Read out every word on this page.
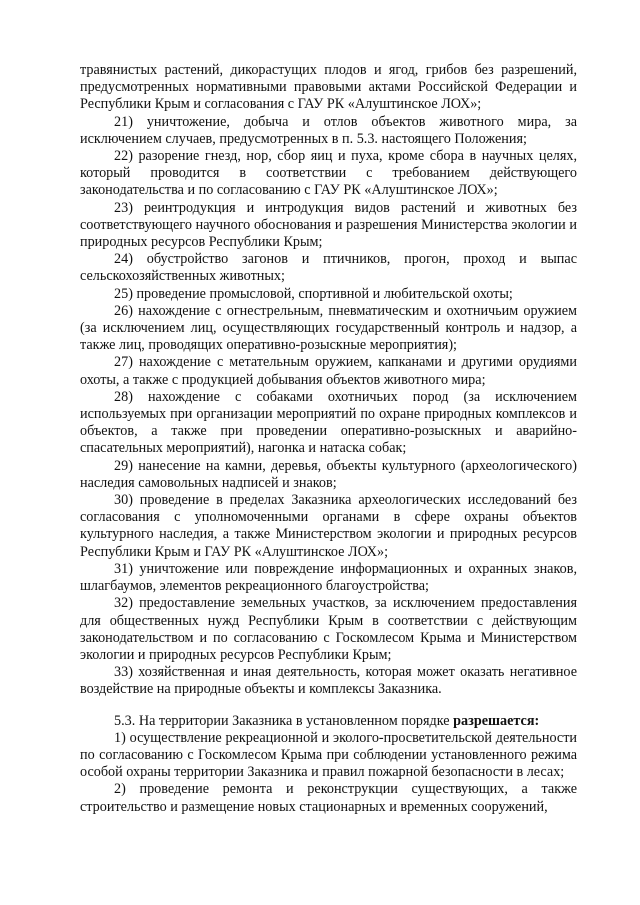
травянистых растений, дикорастущих плодов и ягод, грибов без разрешений, предусмотренных нормативными правовыми актами Российской Федерации и Республики Крым и согласования с ГАУ РК «Алуштинское ЛОХ»;

21) уничтожение, добыча и отлов объектов животного мира, за исключением случаев, предусмотренных в п. 5.3. настоящего Положения;

22) разорение гнезд, нор, сбор яиц и пуха, кроме сбора в научных целях, который проводится в соответствии с требованием действующего законодательства и по согласованию с ГАУ РК «Алуштинское ЛОХ»;

23) реинтродукция и интродукция видов растений и животных без соответствующего научного обоснования и разрешения Министерства экологии и природных ресурсов Республики Крым;

24) обустройство загонов и птичников, прогон, проход и выпас сельскохозяйственных животных;

25) проведение промысловой, спортивной и любительской охоты;

26) нахождение с огнестрельным, пневматическим и охотничьим оружием (за исключением лиц, осуществляющих государственный контроль и надзор, а также лиц, проводящих оперативно-розыскные мероприятия);

27) нахождение с метательным оружием, капканами и другими орудиями охоты, а также с продукцией добывания объектов животного мира;

28) нахождение с собаками охотничьих пород (за исключением используемых при организации мероприятий по охране природных комплексов и объектов, а также при проведении оперативно-розыскных и аварийно-спасательных мероприятий), нагонка и натаска собак;

29) нанесение на камни, деревья, объекты культурного (археологического) наследия самовольных надписей и знаков;

30) проведение в пределах Заказника археологических исследований без согласования с уполномоченными органами в сфере охраны объектов культурного наследия, а также Министерством экологии и природных ресурсов Республики Крым и ГАУ РК «Алуштинское ЛОХ»;

31) уничтожение или повреждение информационных и охранных знаков, шлагбаумов, элементов рекреационного благоустройства;

32) предоставление земельных участков, за исключением предоставления для общественных нужд Республики Крым в соответствии с действующим законодательством и по согласованию с Госкомлесом Крыма и Министерством экологии и природных ресурсов Республики Крым;

33) хозяйственная и иная деятельность, которая может оказать негативное воздействие на природные объекты и комплексы Заказника.

5.3. На территории Заказника в установленном порядке разрешается:

1) осуществление рекреационной и эколого-просветительской деятельности по согласованию с Госкомлесом Крыма при соблюдении установленного режима особой охраны территории Заказника и правил пожарной безопасности в лесах;

2) проведение ремонта и реконструкции существующих, а также строительство и размещение новых стационарных и временных сооружений,
